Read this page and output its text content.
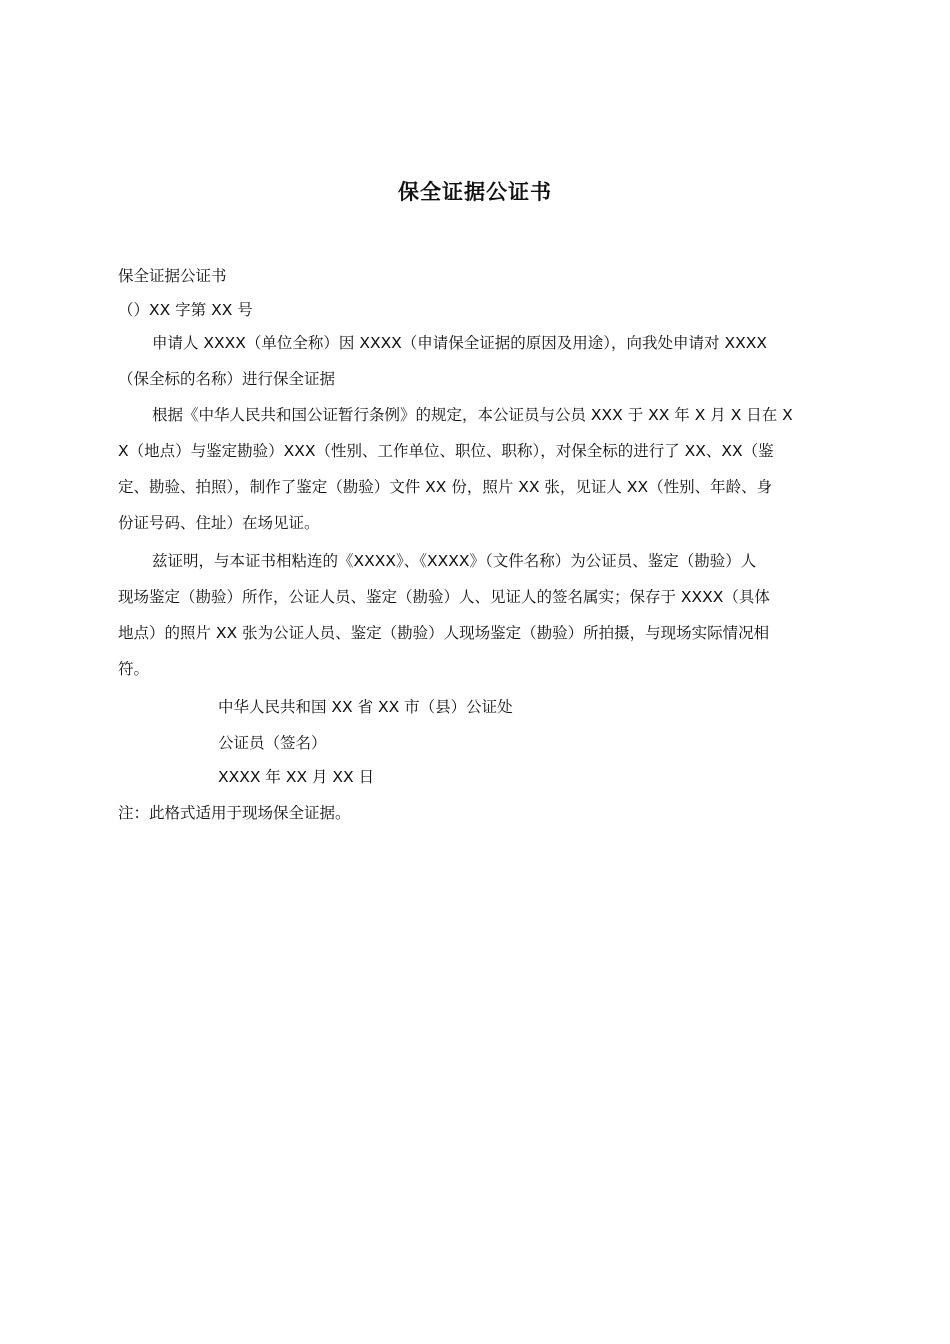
保全证据公证书
保全证据公证书
（）XX 字第 XX 号
申请人 XXXX（单位全称）因 XXXX（申请保全证据的原因及用途），向我处申请对 XXXX
（保全标的名称）进行保全证据
根据《中华人民共和国公证暂行条例》的规定，本公证员与公员 XXX 于 XX 年 X 月 X 日在 X
X（地点）与鉴定勘验）XXX（性别、工作单位、职位、职称），对保全标的进行了 XX、XX（鉴
定、勘验、拍照），制作了鉴定（勘验）文件 XX 份，照片 XX 张，见证人 XX（性别、年龄、身
份证号码、住址）在场见证。
兹证明，与本证书相粘连的《XXXX》、《XXXX》（文件名称）为公证员、鉴定（勘验）人
现场鉴定（勘验）所作，公证人员、鉴定（勘验）人、见证人的签名属实；保存于 XXXX（具体
地点）的照片 XX 张为公证人员、鉴定（勘验）人现场鉴定（勘验）所拍摄，与现场实际情况相
符。
中华人民共和国 XX 省 XX 市（县）公证处
公证员（签名）
XXXX 年 XX 月 XX 日
注：此格式适用于现场保全证据。
